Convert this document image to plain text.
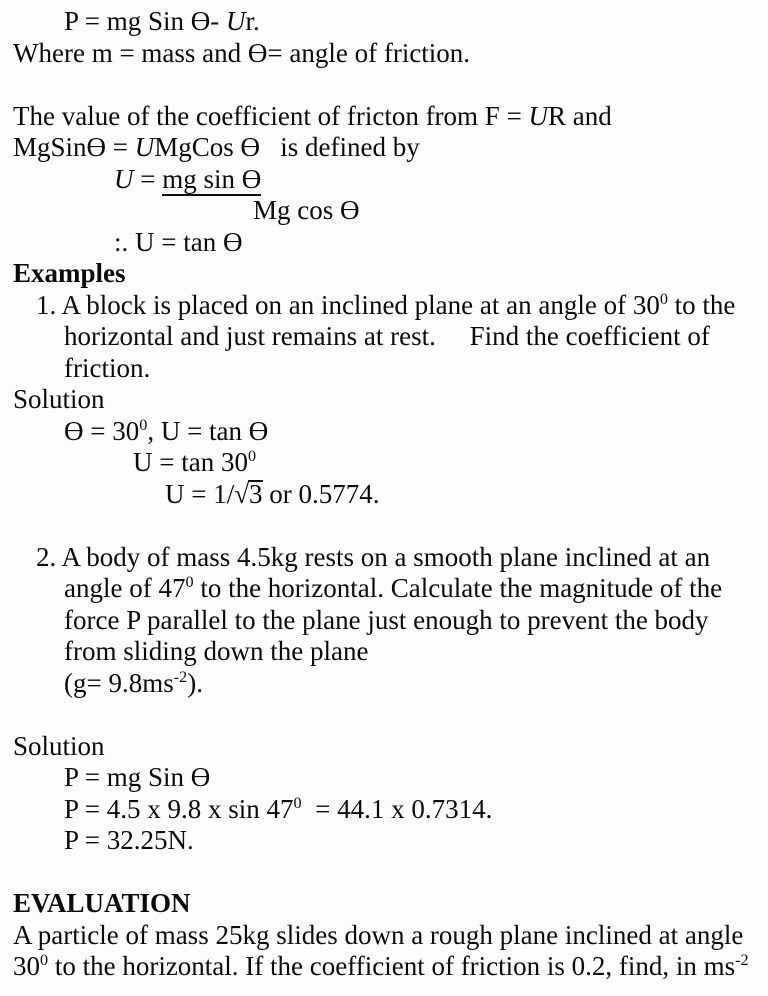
P = mg Sin Ө- Ur.
Where m = mass and Ө= angle of friction.
The value of the coefficient of fricton from F = UR and
MgSinӨ = UMgCos Ө   is defined by
U = mg sin Ө
Mg cos Ө
:. U = tan Ө
Examples
1. A block is placed on an inclined plane at an angle of $30^0$ to the
horizontal and just remains at rest.     Find the coefficient of
friction.
Solution
$Ө = 30^0$, U = tan Ө
$U = \tan 30^0$
U = 1/√3 or 0.5774.
2. A body of mass 4.5kg rests on a smooth plane inclined at an
angle of $47^0$ to the horizontal. Calculate the magnitude of the
force P parallel to the plane just enough to prevent the body
from sliding down the plane
$(g= 9.8ms^{-2})$.
Solution
P = mg Sin Ө
P = 4.5 x 9.8 x $\sin 47^0 = 44.1$ x 0.7314.
P = 32.25N.
EVALUATION
A particle of mass 25kg slides down a rough plane inclined at angle
$30^0$ to the horizontal. If the coefficient of friction is 0.2, find, in $ms^{-2}$
